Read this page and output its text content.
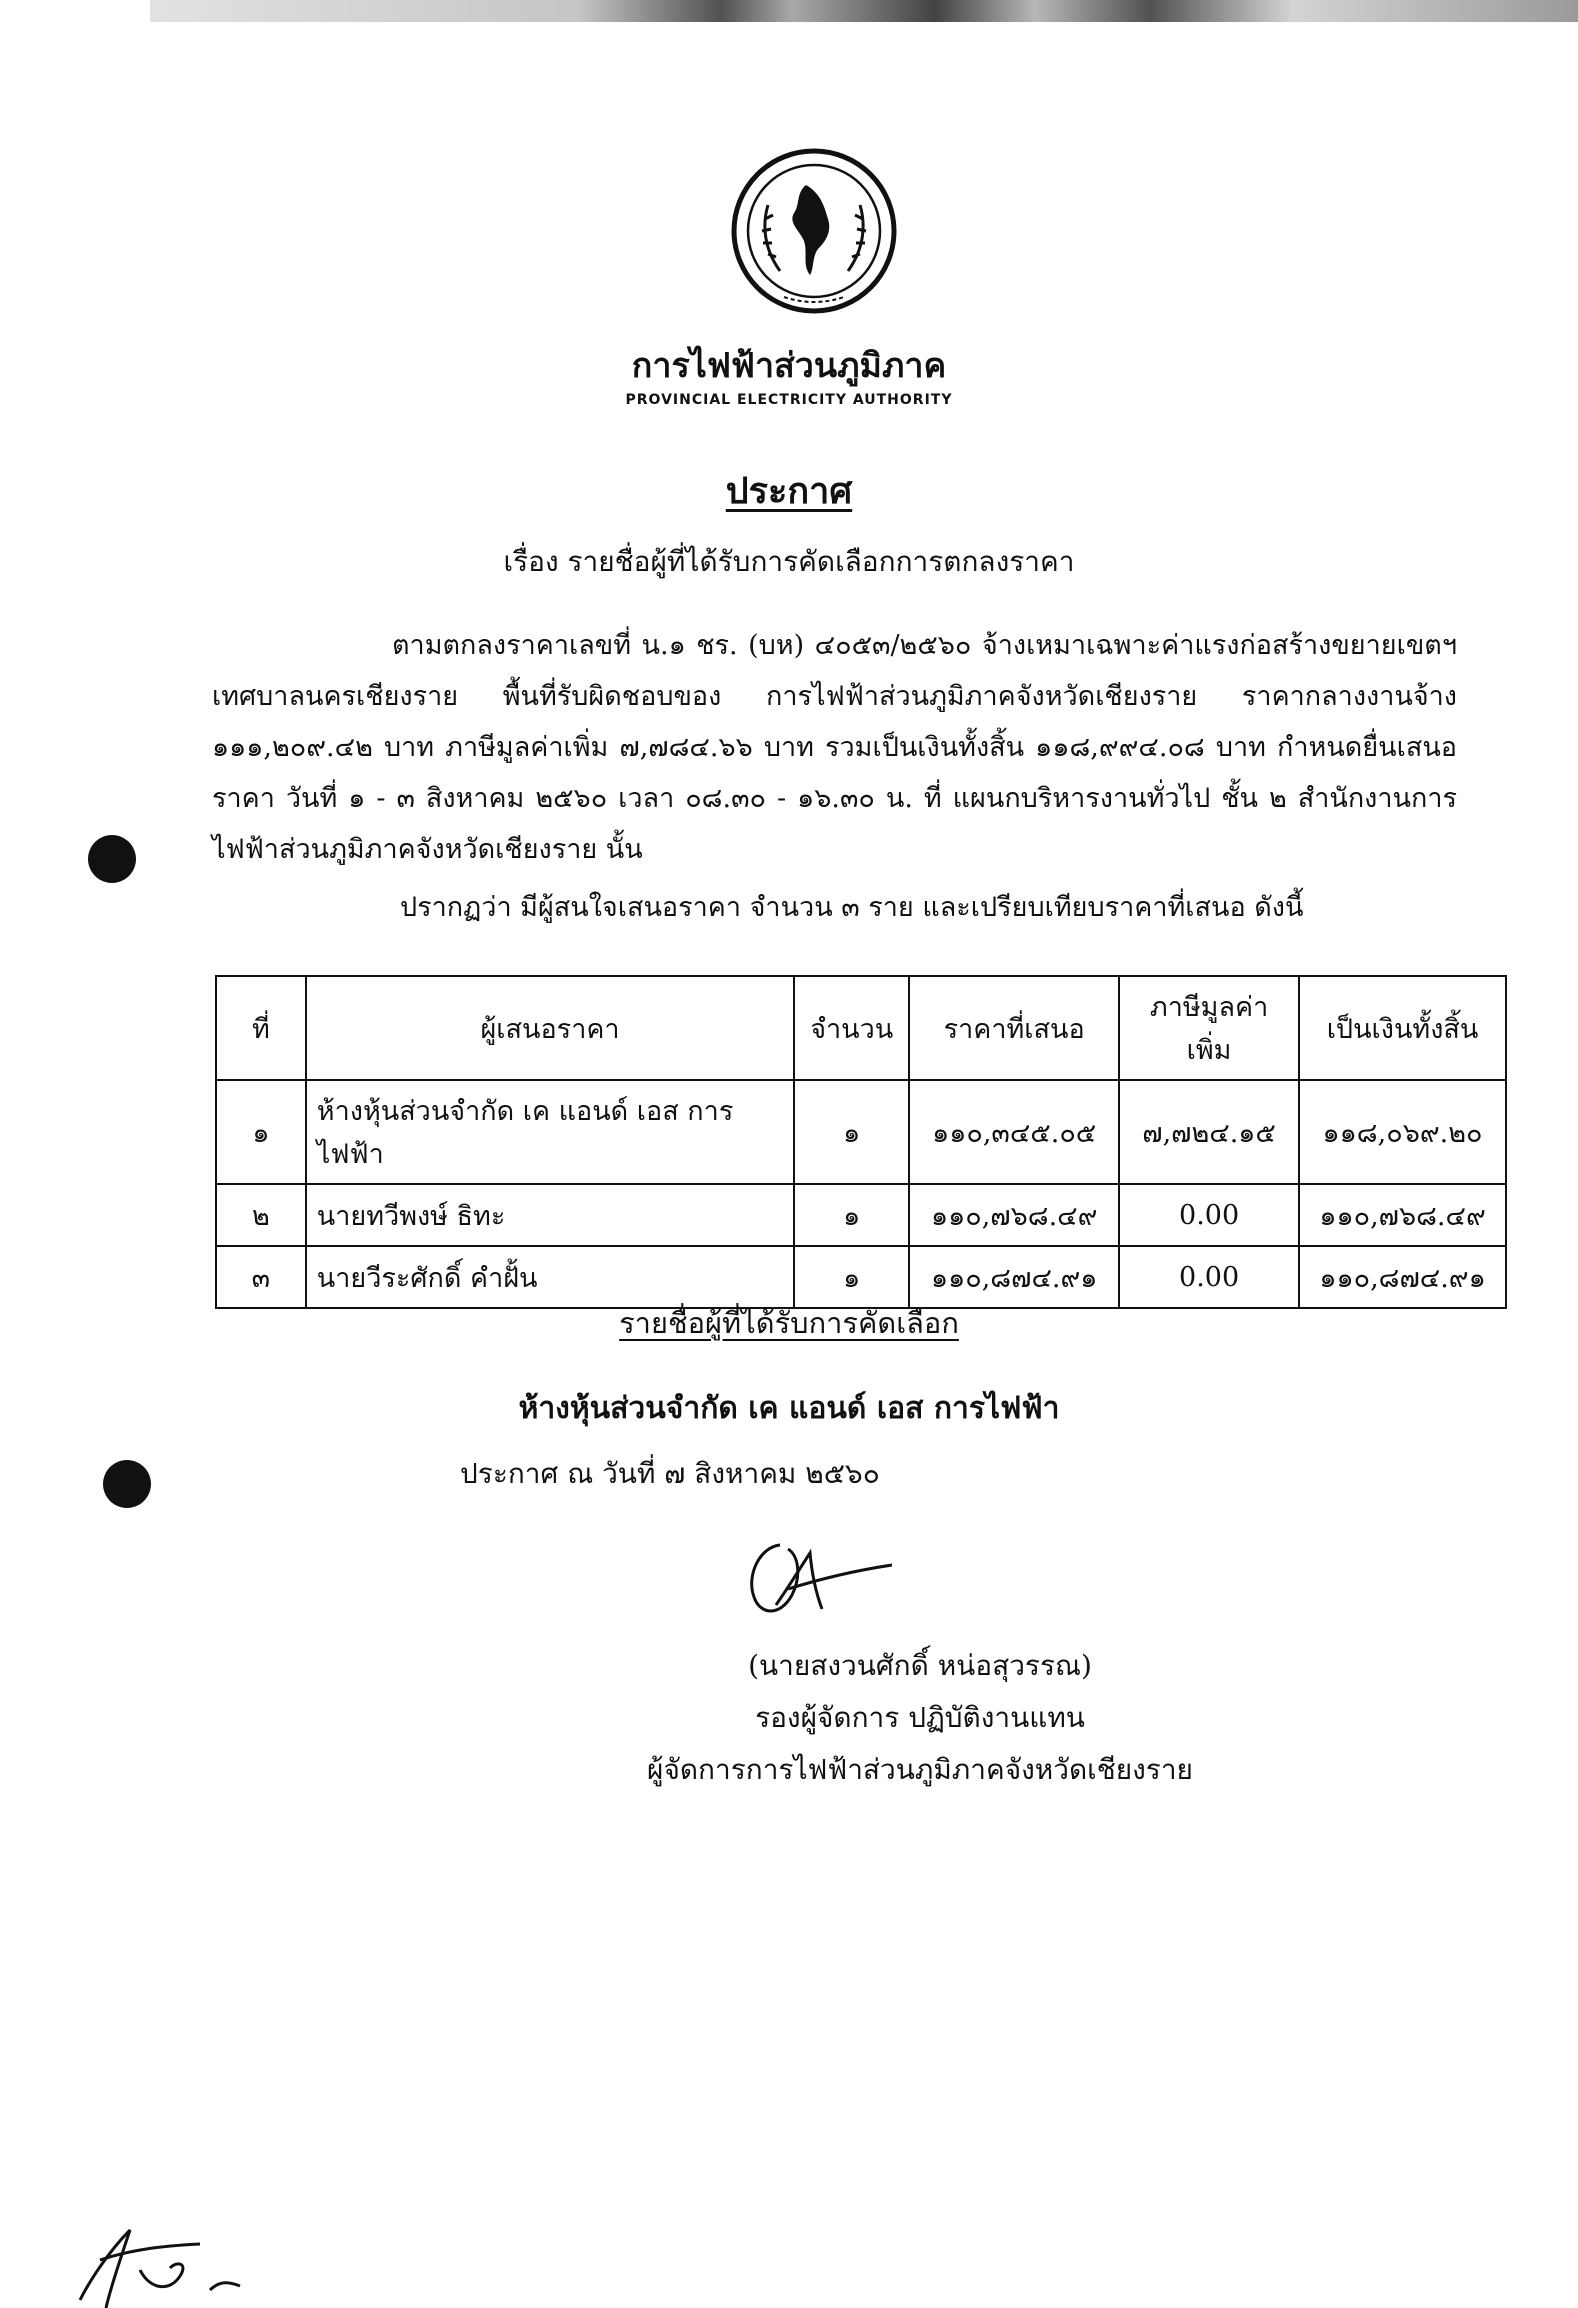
การไฟฟ้าส่วนภูมิภาค
PROVINCIAL ELECTRICITY AUTHORITY
ประกาศ
เรื่อง รายชื่อผู้ที่ได้รับการคัดเลือกการตกลงราคา

ตามตกลงราคาเลขที่ น.๑ ชร. (บห) ๔๐๕๓/๒๕๖๐ จ้างเหมาเฉพาะค่าแรงก่อสร้างขยายเขตฯ เทศบาลนครเชียงราย พื้นที่รับผิดชอบของ การไฟฟ้าส่วนภูมิภาคจังหวัดเชียงราย ราคากลางงานจ้าง ๑๑๑,๒๐๙.๔๒ บาท ภาษีมูลค่าเพิ่ม ๗,๗๘๔.๖๖ บาท รวมเป็นเงินทั้งสิ้น ๑๑๘,๙๙๔.๐๘ บาท กำหนดยื่นเสนอราคา วันที่ ๑ - ๓ สิงหาคม ๒๕๖๐ เวลา ๐๘.๓๐ - ๑๖.๓๐ น. ที่ แผนกบริหารงานทั่วไป ชั้น ๒ สำนักงานการไฟฟ้าส่วนภูมิภาคจังหวัดเชียงราย นั้น

ปรากฏว่า มีผู้สนใจเสนอราคา จำนวน ๓ ราย และเปรียบเทียบราคาที่เสนอ ดังนี้
ที่	ผู้เสนอราคา	จำนวน	ราคาที่เสนอ	ภาษีมูลค่าเพิ่ม	เป็นเงินทั้งสิ้น
๑	ห้างหุ้นส่วนจำกัด เค แอนด์ เอส การไฟฟ้า	๑	๑๑๐,๓๔๕.๐๕	๗,๗๒๔.๑๕	๑๑๘,๐๖๙.๒๐
๒	นายทวีพงษ์ ธิทะ	๑	๑๑๐,๗๖๘.๔๙	0.00	๑๑๐,๗๖๘.๔๙
๓	นายวีระศักดิ์ คำฝั้น	๑	๑๑๐,๘๗๔.๙๑	0.00	๑๑๐,๘๗๔.๙๑
รายชื่อผู้ที่ได้รับการคัดเลือก
ห้างหุ้นส่วนจำกัด เค แอนด์ เอส การไฟฟ้า
ประกาศ ณ วันที่ ๗ สิงหาคม ๒๕๖๐
(นายสงวนศักดิ์ หน่อสุวรรณ)
รองผู้จัดการ ปฏิบัติงานแทน
ผู้จัดการการไฟฟ้าส่วนภูมิภาคจังหวัดเชียงราย
